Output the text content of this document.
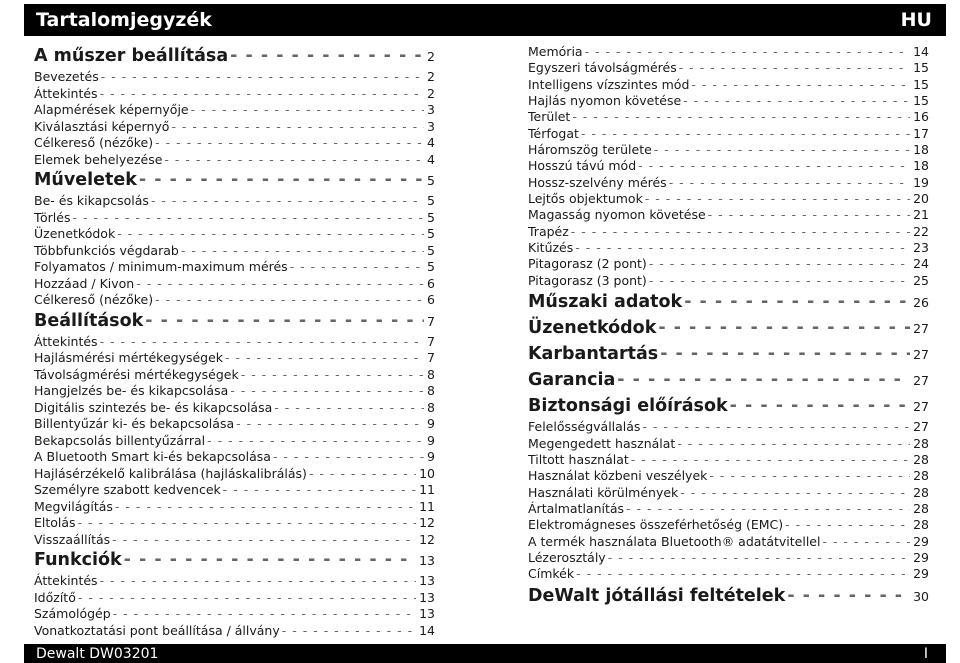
Tartalomjegyzék	HU
A műszer beállítása - - -	2
Bevezetés - - -	2
Áttekintés - - -	2
Alapmérések képernyője - - -	3
Kiválasztási képernyő - - -	3
Célkereső (nézőke) - - -	4
Elemek behelyezése - - -	4
Műveletek - - -	5
Be- és kikapcsolás - - -	5
Törlés - - -	5
Üzenetkódok - - -	5
Többfunkciós végdarab - - -	5
Folyamatos / minimum-maximum mérés - - -	5
Hozzáad / Kivon - - -	6
Célkereső (nézőke) - - -	6
Beállítások - - -	7
Áttekintés - - -	7
Hajlásmérési mértékegységek - - -	7
Távolságmérési mértékegységek - - -	8
Hangjelzés be- és kikapcsolása - - -	8
Digitális szintezés be- és kikapcsolása - - -	8
Billentyűzár ki- és bekapcsolása - - -	9
Bekapcsolás billentyűzárral - - -	9
A Bluetooth Smart ki-és bekapcsolása - - -	9
Hajlásérzékelő kalibrálása (hajláskalibrálás) - - -	10
Személyre szabott kedvencek - - -	11
Megvilágítás - - -	11
Eltolás - - -	12
Visszaállítás - - -	12
Funkciók - - -	13
Áttekintés - - -	13
Időzítő - - -	13
Számológép - - -	13
Vonatkoztatási pont beállítása / állvány - - -	14
Memória - - -	14
Egyszeri távolságmérés - - -	15
Intelligens vízszintes mód - - -	15
Hajlás nyomon követése - - -	15
Terület - - -	16
Térfogat - - -	17
Háromszög területe - - -	18
Hosszú távú mód - - -	18
Hossz-szelvény mérés - - -	19
Lejtős objektumok - - -	20
Magasság nyomon követése - - -	21
Trapéz - - -	22
Kitűzés - - -	23
Pitagorasz (2 pont) - - -	24
Pitagorasz (3 pont) - - -	25
Műszaki adatok - - -	26
Üzenetkódok - - -	27
Karbantartás - - -	27
Garancia - - -	27
Biztonsági előírások - - -	27
Felelősségvállalás - - -	27
Megengedett használat - - -	28
Tiltott használat - - -	28
Használat közbeni veszélyek - - -	28
Használati körülmények - - -	28
Ártalmatlanítás - - -	28
Elektromágneses összeférhetőség (EMC) - - -	28
A termék használata Bluetooth® adatátvitellel - - -	29
Lézerosztály - - -	29
Címkék - - -	29
DeWalt jótállási feltételek - - -	30
Dewalt DW03201	I
